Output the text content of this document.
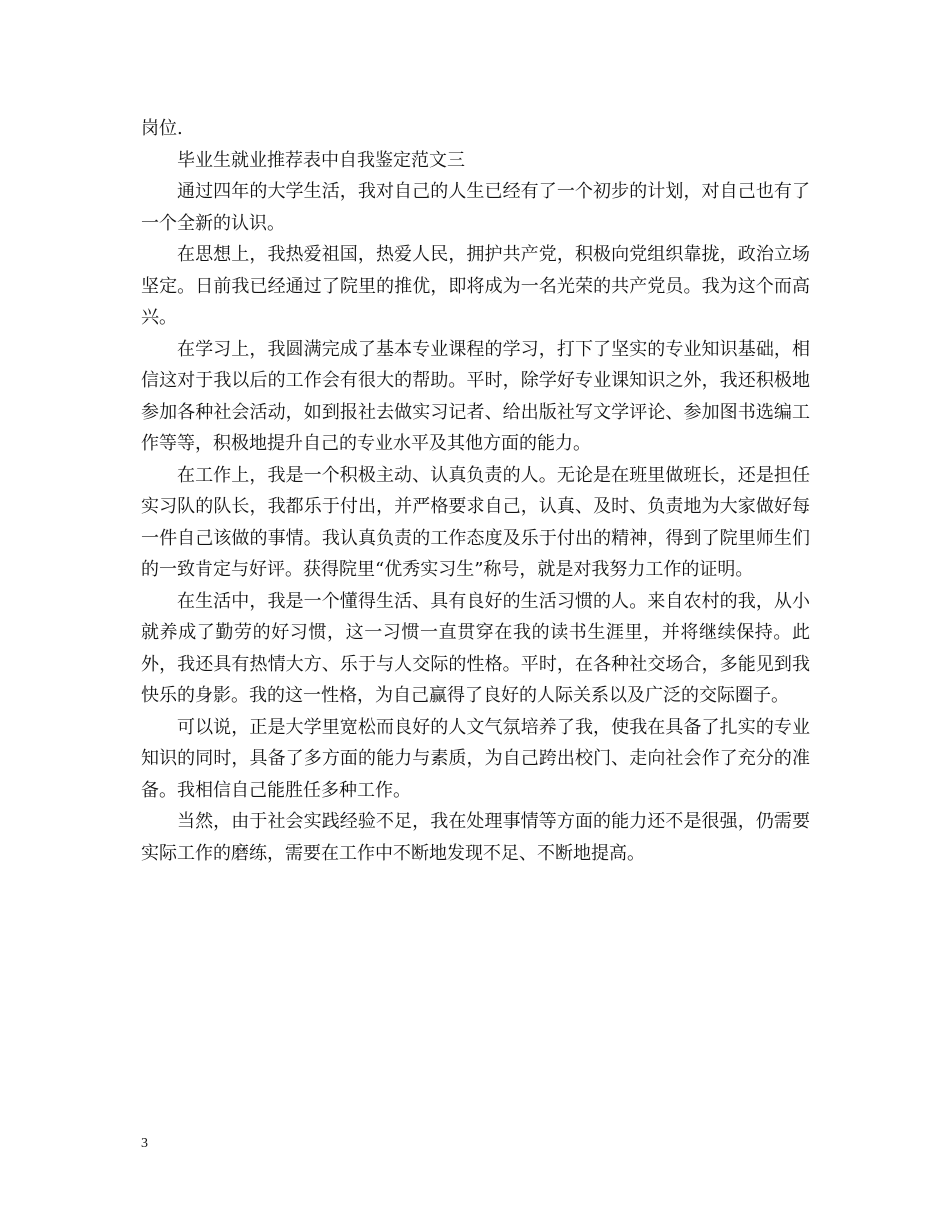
岗位.

毕业生就业推荐表中自我鉴定范文三

通过四年的大学生活，我对自己的人生已经有了一个初步的计划，对自己也有了一个全新的认识。

在思想上，我热爱祖国，热爱人民，拥护共产党，积极向党组织靠拢，政治立场坚定。日前我已经通过了院里的推优，即将成为一名光荣的共产党员。我为这个而高兴。

在学习上，我圆满完成了基本专业课程的学习，打下了坚实的专业知识基础，相信这对于我以后的工作会有很大的帮助。平时，除学好专业课知识之外，我还积极地参加各种社会活动，如到报社去做实习记者、给出版社写文学评论、参加图书选编工作等等，积极地提升自己的专业水平及其他方面的能力。

在工作上，我是一个积极主动、认真负责的人。无论是在班里做班长，还是担任实习队的队长，我都乐于付出，并严格要求自己，认真、及时、负责地为大家做好每一件自己该做的事情。我认真负责的工作态度及乐于付出的精神，得到了院里师生们的一致肯定与好评。获得院里“优秀实习生”称号，就是对我努力工作的证明。

在生活中，我是一个懂得生活、具有良好的生活习惯的人。来自农村的我，从小就养成了勤劳的好习惯，这一习惯一直贯穿在我的读书生涯里，并将继续保持。此外，我还具有热情大方、乐于与人交际的性格。平时，在各种社交场合，多能见到我快乐的身影。我的这一性格，为自己赢得了良好的人际关系以及广泛的交际圈子。

可以说，正是大学里宽松而良好的人文气氛培养了我，使我在具备了扎实的专业知识的同时，具备了多方面的能力与素质，为自己跨出校门、走向社会作了充分的准备。我相信自己能胜任多种工作。

当然，由于社会实践经验不足，我在处理事情等方面的能力还不是很强，仍需要实际工作的磨练，需要在工作中不断地发现不足、不断地提高。

3
